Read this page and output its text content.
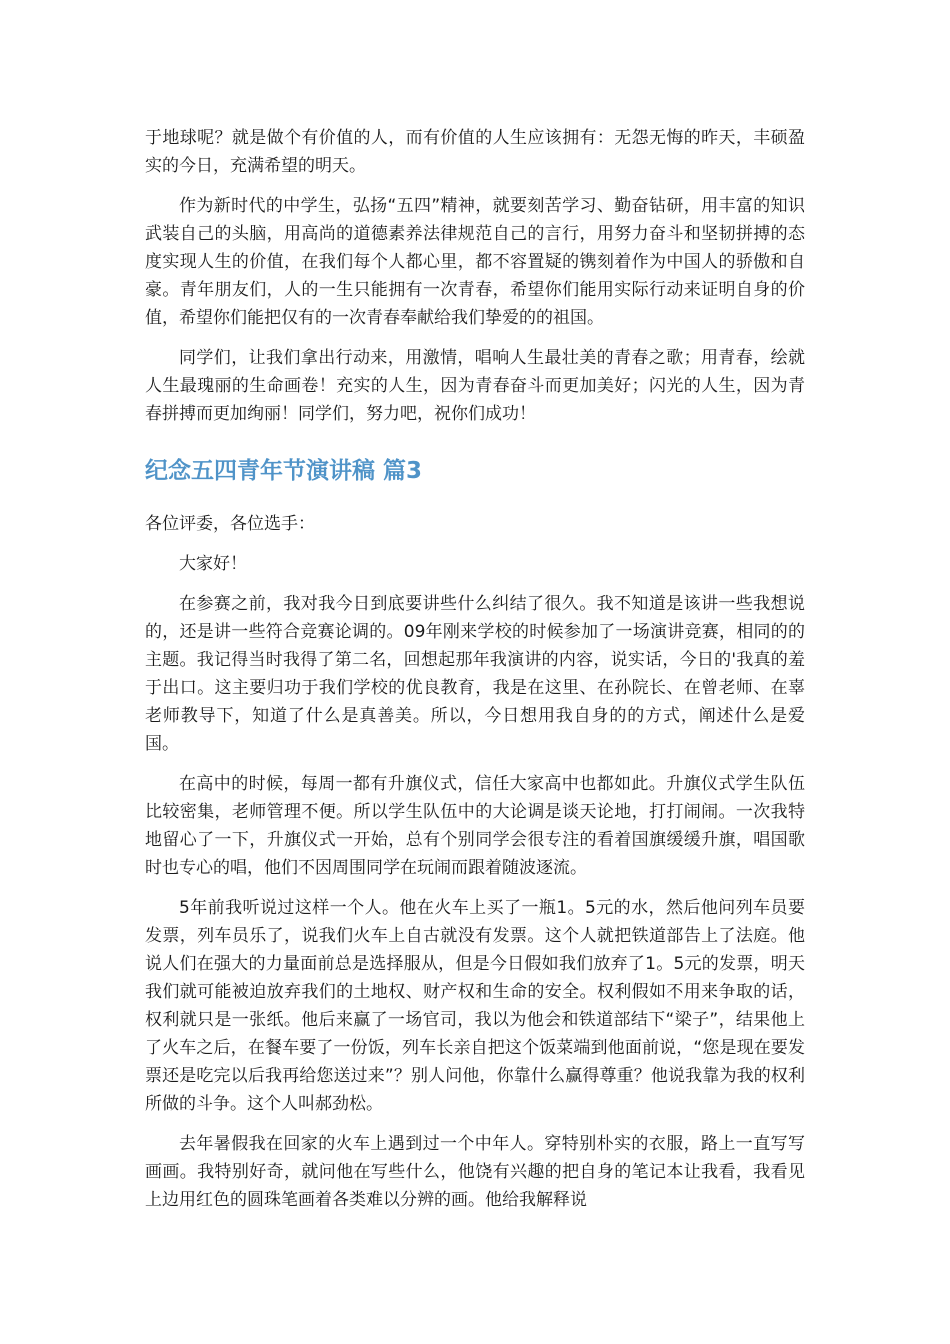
于地球呢？就是做个有价值的人，而有价值的人生应该拥有：无怨无悔的昨天，丰硕盈实的今日，充满希望的明天。

作为新时代的中学生，弘扬“五四”精神，就要刻苦学习、勤奋钻研，用丰富的知识武装自己的头脑，用高尚的道德素养法律规范自己的言行，用努力奋斗和坚韧拼搏的态度实现人生的价值，在我们每个人都心里，都不容置疑的镌刻着作为中国人的骄傲和自豪。青年朋友们，人的一生只能拥有一次青春，希望你们能用实际行动来证明自身的价值，希望你们能把仅有的一次青春奉献给我们挚爱的的祖国。

同学们，让我们拿出行动来，用激情，唱响人生最壮美的青春之歌；用青春，绘就人生最瑰丽的生命画卷！充实的人生，因为青春奋斗而更加美好；闪光的人生，因为青春拼搏而更加绚丽！同学们，努力吧，祝你们成功！

纪念五四青年节演讲稿 篇3

各位评委，各位选手：

大家好！

在参赛之前，我对我今日到底要讲些什么纠结了很久。我不知道是该讲一些我想说的，还是讲一些符合竞赛论调的。09年刚来学校的时候参加了一场演讲竞赛，相同的的主题。我记得当时我得了第二名，回想起那年我演讲的内容，说实话，今日的'我真的羞于出口。这主要归功于我们学校的优良教育，我是在这里、在孙院长、在曾老师、在辜老师教导下，知道了什么是真善美。所以，今日想用我自身的的方式，阐述什么是爱国。

在高中的时候，每周一都有升旗仪式，信任大家高中也都如此。升旗仪式学生队伍比较密集，老师管理不便。所以学生队伍中的大论调是谈天论地，打打闹闹。一次我特地留心了一下，升旗仪式一开始，总有个别同学会很专注的看着国旗缓缓升旗，唱国歌时也专心的唱，他们不因周围同学在玩闹而跟着随波逐流。

5年前我听说过这样一个人。他在火车上买了一瓶1。5元的水，然后他问列车员要发票，列车员乐了，说我们火车上自古就没有发票。这个人就把铁道部告上了法庭。他说人们在强大的力量面前总是选择服从，但是今日假如我们放弃了1。5元的发票，明天我们就可能被迫放弃我们的土地权、财产权和生命的安全。权利假如不用来争取的话，权利就只是一张纸。他后来赢了一场官司，我以为他会和铁道部结下“梁子”，结果他上了火车之后，在餐车要了一份饭，列车长亲自把这个饭菜端到他面前说，“您是现在要发票还是吃完以后我再给您送过来”？别人问他，你靠什么赢得尊重？他说我靠为我的权利所做的斗争。这个人叫郝劲松。

去年暑假我在回家的火车上遇到过一个中年人。穿特别朴实的衣服，路上一直写写画画。我特别好奇，就问他在写些什么，他饶有兴趣的把自身的笔记本让我看，我看见上边用红色的圆珠笔画着各类难以分辨的画。他给我解释说
